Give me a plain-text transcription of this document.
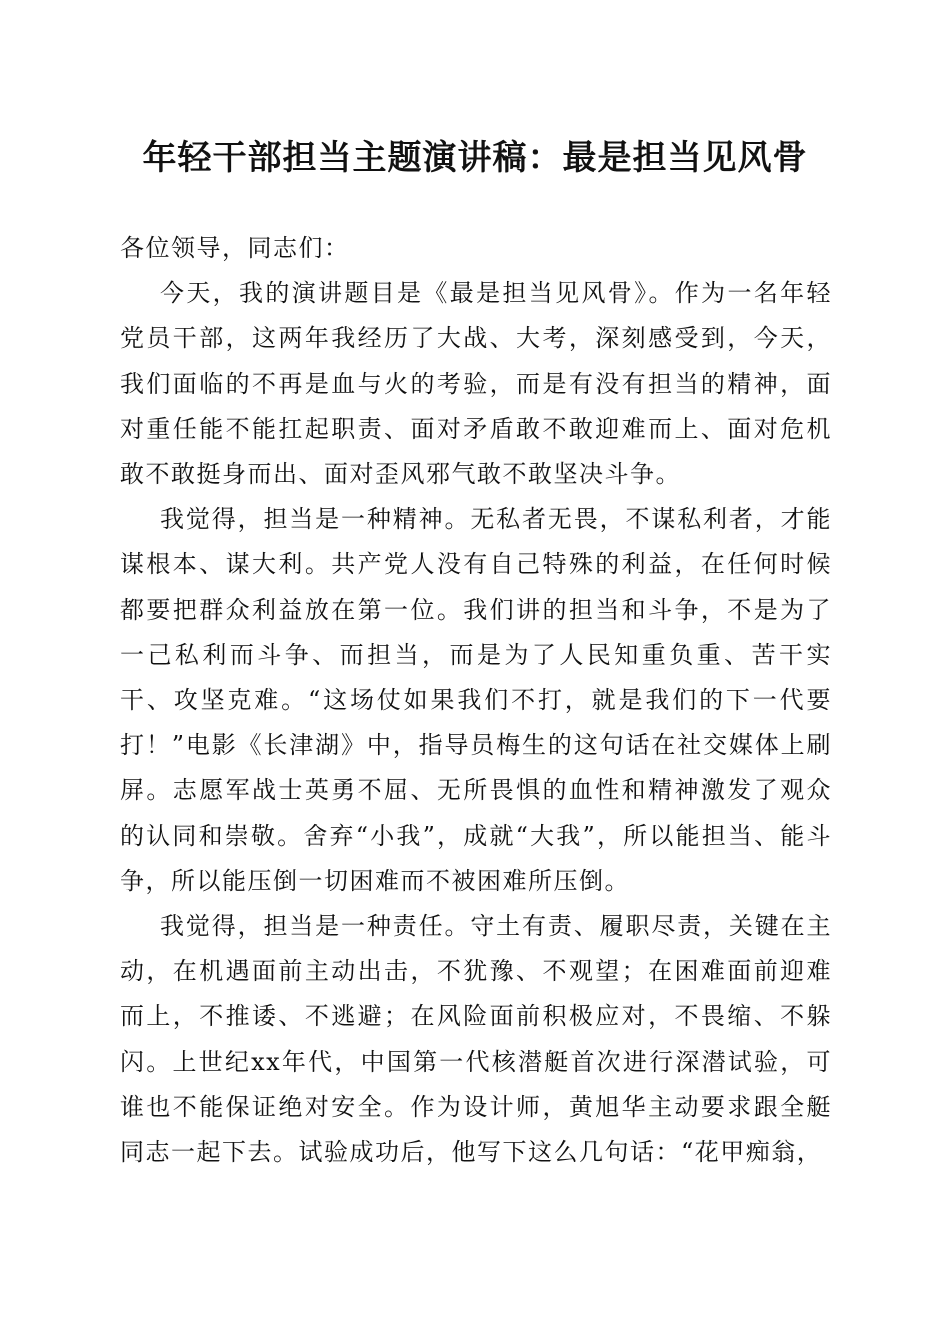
年轻干部担当主题演讲稿：最是担当见风骨

各位领导，同志们：

今天，我的演讲题目是《最是担当见风骨》。作为一名年轻党员干部，这两年我经历了大战、大考，深刻感受到，今天，我们面临的不再是血与火的考验，而是有没有担当的精神，面对重任能不能扛起职责、面对矛盾敢不敢迎难而上、面对危机敢不敢挺身而出、面对歪风邪气敢不敢坚决斗争。

我觉得，担当是一种精神。无私者无畏，不谋私利者，才能谋根本、谋大利。共产党人没有自己特殊的利益，在任何时候都要把群众利益放在第一位。我们讲的担当和斗争，不是为了一己私利而斗争、而担当，而是为了人民知重负重、苦干实干、攻坚克难。“这场仗如果我们不打，就是我们的下一代要打！”电影《长津湖》中，指导员梅生的这句话在社交媒体上刷屏。志愿军战士英勇不屈、无所畏惧的血性和精神激发了观众的认同和崇敬。舍弃“小我”，成就“大我”，所以能担当、能斗争，所以能压倒一切困难而不被困难所压倒。

我觉得，担当是一种责任。守土有责、履职尽责，关键在主动，在机遇面前主动出击，不犹豫、不观望；在困难面前迎难而上，不推诿、不逃避；在风险面前积极应对，不畏缩、不躲闪。上世纪xx年代，中国第一代核潜艇首次进行深潜试验，可谁也不能保证绝对安全。作为设计师，黄旭华主动要求跟全艇同志一起下去。试验成功后，他写下这么几句话：“花甲痴翁，
